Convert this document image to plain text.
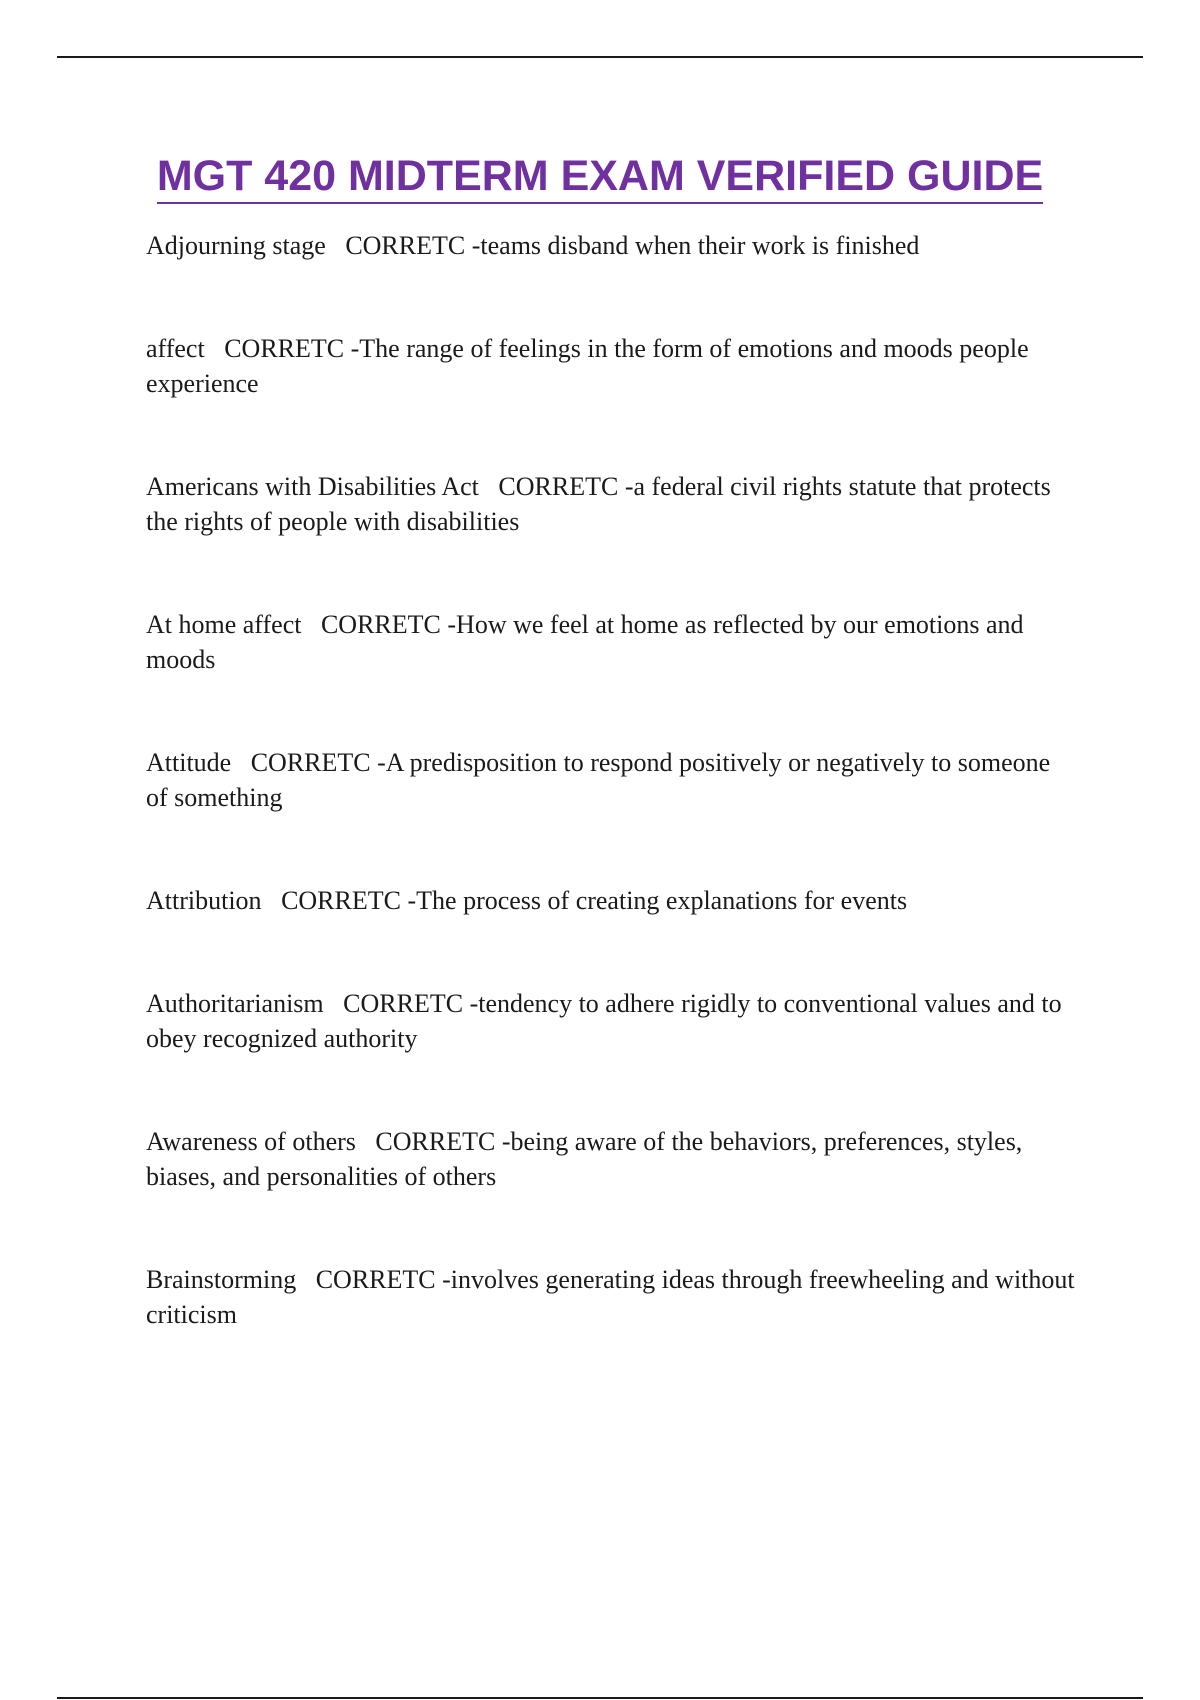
MGT 420 MIDTERM EXAM VERIFIED GUIDE

Adjourning stage CORRETC -teams disband when their work is finished

affect CORRETC -The range of feelings in the form of emotions and moods people experience

Americans with Disabilities Act CORRETC -a federal civil rights statute that protects the rights of people with disabilities

At home affect CORRETC -How we feel at home as reflected by our emotions and moods

Attitude CORRETC -A predisposition to respond positively or negatively to someone of something

Attribution CORRETC -The process of creating explanations for events

Authoritarianism CORRETC -tendency to adhere rigidly to conventional values and to obey recognized authority

Awareness of others CORRETC -being aware of the behaviors, preferences, styles, biases, and personalities of others

Brainstorming CORRETC -involves generating ideas through freewheeling and without criticism
